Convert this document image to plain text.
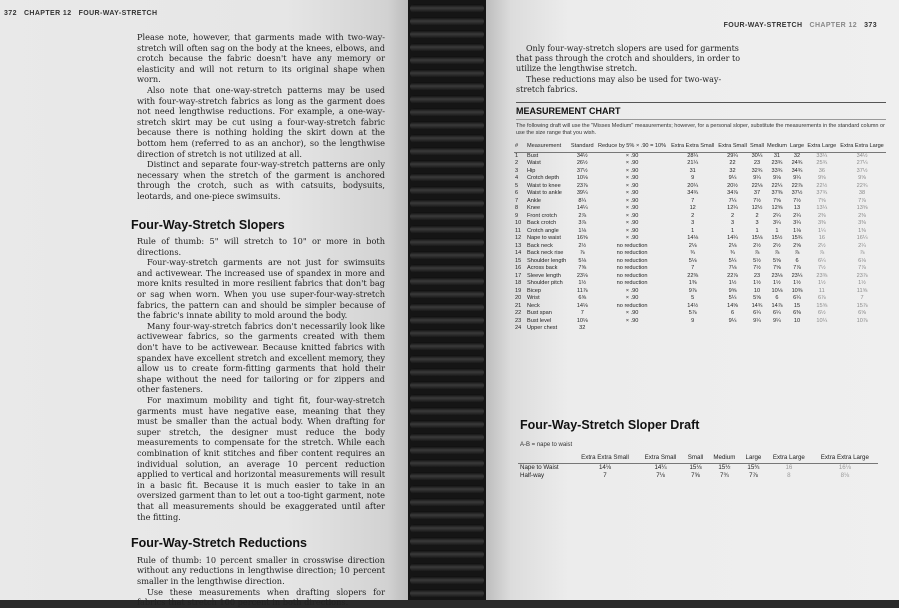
372 CHAPTER 12 FOUR-WAY-STRETCH

Please note, however, that garments made with two-way-stretch will often sag on the body at the knees, elbows, and crotch because the fabric doesn't have any memory or elasticity and will not return to its original shape when worn.

Also note that one-way-stretch patterns may be used with four-way-stretch fabrics as long as the garment does not need lengthwise reductions. For example, a one-way-stretch skirt may be cut using a four-way-stretch fabric because there is nothing holding the skirt down at the bottom hem (referred to as an anchor), so the lengthwise direction of stretch is not utilized at all.

Distinct and separate four-way-stretch patterns are only necessary when the stretch of the garment is anchored through the crotch, such as with catsuits, bodysuits, leotards, and one-piece swimsuits.

Four-Way-Stretch Slopers

Rule of thumb: 5" will stretch to 10" or more in both directions.

Four-way-stretch garments are not just for swimsuits and activewear. The increased use of spandex in more and more knits resulted in more resilient fabrics that don't bag or sag when worn. When you use super-four-way-stretch fabrics, the pattern can and should be simpler because of the fabric's innate ability to mold around the body.

Many four-way-stretch fabrics don't necessarily look like activewear fabrics, so the garments created with them don't have to be activewear. Because knitted fabrics with spandex have excellent stretch and excellent memory, they allow us to create form-fitting garments that hold their shape without the need for tailoring or for zippers and other fasteners.

For maximum mobility and tight fit, four-way-stretch garments must have negative ease, meaning that they must be smaller than the actual body. When drafting for super stretch, the designer must reduce the body measurements to compensate for the stretch. While each combination of knit stitches and fiber content requires an individual solution, an average 10 percent reduction applied to vertical and horizontal measurements will result in a basic fit. Because it is much easier to take in an oversized garment than to let out a too-tight garment, note that all measurements should be exaggerated until after the fitting.

Four-Way-Stretch Reductions

Rule of thumb: 10 percent smaller in crosswise direction without any reductions in lengthwise direction; 10 percent smaller in the lengthwise direction.

Use these measurements when drafting slopers for fabrics that stretch 100 percent in both directions.

FOUR-WAY-STRETCH CHAPTER 12 373

Only four-way-stretch slopers are used for garments that pass through the crotch and shoulders, in order to utilize the lengthwise stretch.

These reductions may also be used for two-way-stretch fabrics.

MEASUREMENT CHART
The following draft will use the "Misses Medium" measurements; however, for a personal sloper, substitute the measurements in the standard column or use the size range that you wish.
#	Measurement	Standard	Reduce by 5% × .90 = 10%	Extra Extra Small	Extra Small	Small	Medium	Large	Extra Large	Extra Extra Large
1	Bust	34½	× .90	28¼	29¼	30¼	31	32	33¼	34½
2	Waist	26½	× .90	21¼	22	23	23¾	24¾	25¾	27¼
3	Hip	37½	× .90	31	32	32¾	33¾	34¾	36	37½
4	Crotch depth	10⅛	× .90	9	9¼	9¼	9⅛	9¼	9⅝	9⅝
5	Waist to knee	23⅞	× .90	20¼	20½	22⅛	22¼	22⅞	22½	22¾
6	Waist to ankle	39¼	× .90	34¾	34⅞	37	37⅜	37½	37¾	38
7	Ankle	8¼	× .90	7	7¼	7½	7⅝	7½	7⅝	7⅞
8	Knee	14¼	× .90	12	12¼	12½	12⅝	13	13¼	13⅝
9	Front crotch	2⅞	× .90	2	2	2	2¼	2¼	2⅜	2⅜
10	Back crotch	3⅞	× .90	3	3	3	3¼	3¼	3⅜	3⅜
11	Crotch angle	1⅛	× .90	1	1	1	1	1⅛	1¼	1⅜
12	Nape to waist	16⅝	× .90	14⅛	14¼	15⅛	15½	15¾	16	16¼
13	Back neck	2½	no reduction	2⅛	2⅛	2½	2½	2⅝	2½	2¼
14	Back neck rise	⅞	no reduction	¾	¾	⅞	⅞	⅞	⅞	⅞
15	Shoulder length	5⅛	no reduction	5⅛	5¼	5½	5⅝	6	6¼	6⅛
16	Across back	7⅝	no reduction	7	7⅛	7½	7⅝	7⅞	7½	7⅞
17	Sleeve length	23⅛	no reduction	22⅜	22⅞	23	23⅛	23¼	23⅜	23⅞
18	Shoulder pitch	1½	no reduction	1⅜	1½	1½	1½	1½	1½	1½
19	Bicep	11⅞	× .90	9⅞	9⅝	10	10⅛	10⅜	11	11⅝
20	Wrist	6⅝	× .90	5	5¼	5⅝	6	6¼	6⅞	7
21	Neck	14⅛	no reduction	14½	14⅝	14¾	14⅞	15	15⅝	15⅞
22	Bust span	7	× .90	5⅞	6	6¼	6¼	6⅜	6½	6⅝
23	Bust level	10⅛	× .90	9	9¼	9¼	9¼	10	10¼	10⅞
24	Upper chest	32								
Four-Way-Stretch Sloper Draft
A-B = nape to waist
	Extra Extra Small	Extra Small	Small	Medium	Large	Extra Large	Extra Extra Large
Nape to Waist	14⅛	14¼	15⅛	15½	15¾	16	16⅛
Half-way	7	7⅛	7⅝	7¾	7⅞	8	8⅛
